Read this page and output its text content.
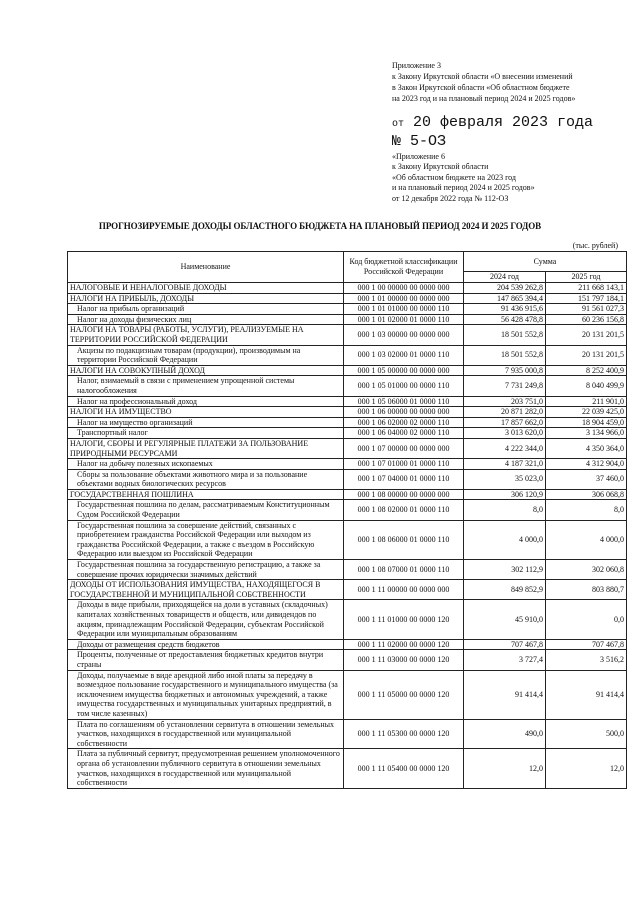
Приложение 3
к Закону Иркутской области «О внесении изменений
в Закон Иркутской области «Об областном бюджете
на 2023 год и на плановый период 2024 и 2025 годов»
от 20 февраля 2023 года
№ 5-ОЗ
«Приложение 6
к Закону Иркутской области
«Об областном бюджете на 2023 год
и на плановый период 2024 и 2025 годов»
от 12 декабря 2022 года № 112-ОЗ
ПРОГНОЗИРУЕМЫЕ ДОХОДЫ ОБЛАСТНОГО БЮДЖЕТА НА ПЛАНОВЫЙ ПЕРИОД 2024 И 2025 ГОДОВ
(тыс. рублей)
Наименование	Код бюджетной классификации Российской Федерации	Сумма	
		2024 год	2025 год
НАЛОГОВЫЕ И НЕНАЛОГОВЫЕ ДОХОДЫ	000 1 00 00000 00 0000 000	204 539 262,8	211 668 143,1
НАЛОГИ НА ПРИБЫЛЬ, ДОХОДЫ	000 1 01 00000 00 0000 000	147 865 394,4	151 797 184,1
Налог на прибыль организаций	000 1 01 01000 00 0000 110	91 436 915,6	91 561 027,3
Налог на доходы физических лиц	000 1 01 02000 01 0000 110	56 428 478,8	60 236 156,8
НАЛОГИ НА ТОВАРЫ (РАБОТЫ, УСЛУГИ), РЕАЛИЗУЕМЫЕ НА ТЕРРИТОРИИ РОССИЙСКОЙ ФЕДЕРАЦИИ	000 1 03 00000 00 0000 000	18 501 552,8	20 131 201,5
Акцизы по подакцизным товарам (продукции), производимым на территории Российской Федерации	000 1 03 02000 01 0000 110	18 501 552,8	20 131 201,5
НАЛОГИ НА СОВОКУПНЫЙ ДОХОД	000 1 05 00000 00 0000 000	7 935 000,8	8 252 400,9
Налог, взимаемый в связи с применением упрощенной системы налогообложения	000 1 05 01000 00 0000 110	7 731 249,8	8 040 499,9
Налог на профессиональный доход	000 1 05 06000 01 0000 110	203 751,0	211 901,0
НАЛОГИ НА ИМУЩЕСТВО	000 1 06 00000 00 0000 000	20 871 282,0	22 039 425,0
Налог на имущество организаций	000 1 06 02000 02 0000 110	17 857 662,0	18 904 459,0
Транспортный налог	000 1 06 04000 02 0000 110	3 013 620,0	3 134 966,0
НАЛОГИ, СБОРЫ И РЕГУЛЯРНЫЕ ПЛАТЕЖИ ЗА ПОЛЬЗОВАНИЕ ПРИРОДНЫМИ РЕСУРСАМИ	000 1 07 00000 00 0000 000	4 222 344,0	4 350 364,0
Налог на добычу полезных ископаемых	000 1 07 01000 01 0000 110	4 187 321,0	4 312 904,0
Сборы за пользование объектами животного мира и за пользование объектами водных биологических ресурсов	000 1 07 04000 01 0000 110	35 023,0	37 460,0
ГОСУДАРСТВЕННАЯ ПОШЛИНА	000 1 08 00000 00 0000 000	306 120,9	306 068,8
Государственная пошлина по делам, рассматриваемым Конституционным Судом Российской Федерации	000 1 08 02000 01 0000 110	8,0	8,0
Государственная пошлина за совершение действий, связанных с приобретением гражданства Российской Федерации или выходом из гражданства Российской Федерации, а также с въездом в Российскую Федерацию или выездом из Российской Федерации	000 1 08 06000 01 0000 110	4 000,0	4 000,0
Государственная пошлина за государственную регистрацию, а также за совершение прочих юридически значимых действий	000 1 08 07000 01 0000 110	302 112,9	302 060,8
ДОХОДЫ ОТ ИСПОЛЬЗОВАНИЯ ИМУЩЕСТВА, НАХОДЯЩЕГОСЯ В ГОСУДАРСТВЕННОЙ И МУНИЦИПАЛЬНОЙ СОБСТВЕННОСТИ	000 1 11 00000 00 0000 000	849 852,9	803 880,7
Доходы в виде прибыли, приходящейся на доли в уставных (складочных) капиталах хозяйственных товариществ и обществ, или дивидендов по акциям, принадлежащим Российской Федерации, субъектам Российской Федерации или муниципальным образованиям	000 1 11 01000 00 0000 120	45 910,0	0,0
Доходы от размещения средств бюджетов	000 1 11 02000 00 0000 120	707 467,8	707 467,8
Проценты, полученные от предоставления бюджетных кредитов внутри страны	000 1 11 03000 00 0000 120	3 727,4	3 516,2
Доходы, получаемые в виде арендной либо иной платы за передачу в возмездное пользование государственного и муниципального имущества (за исключением имущества бюджетных и автономных учреждений, а также имущества государственных и муниципальных унитарных предприятий, в том числе казенных)	000 1 11 05000 00 0000 120	91 414,4	91 414,4
Плата по соглашениям об установлении сервитута в отношении земельных участков, находящихся в государственной или муниципальной собственности	000 1 11 05300 00 0000 120	490,0	500,0
Плата за публичный сервитут, предусмотренная решением уполномоченного органа об установлении публичного сервитута в отношении земельных участков, находящихся в государственной или муниципальной собственности	000 1 11 05400 00 0000 120	12,0	12,0
